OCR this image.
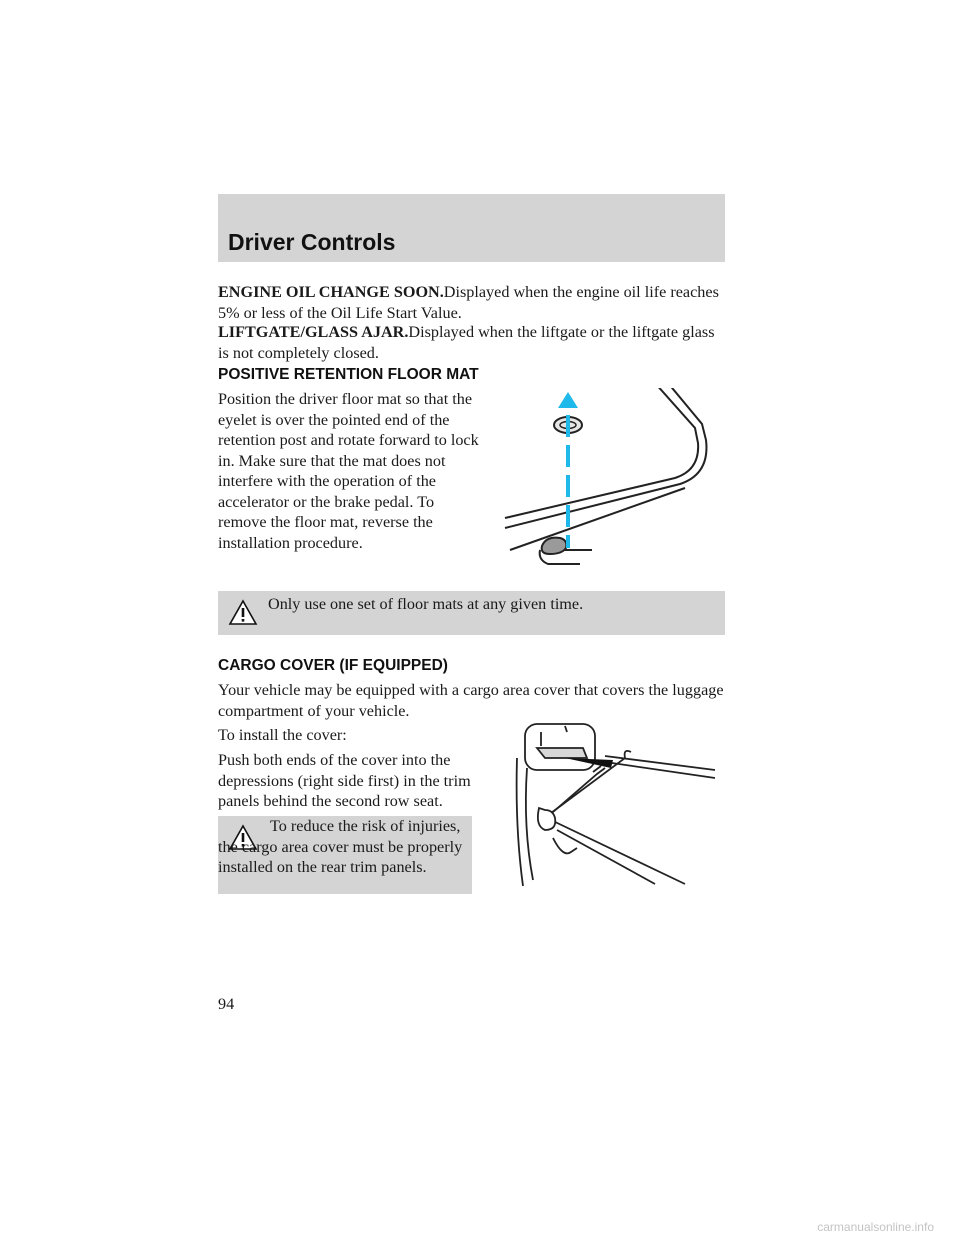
Driver Controls

ENGINE OIL CHANGE SOON.Displayed when the engine oil life reaches 5% or less of the Oil Life Start Value.

LIFTGATE/GLASS AJAR.Displayed when the liftgate or the liftgate glass is not completely closed.

POSITIVE RETENTION FLOOR MAT

Position the driver floor mat so that the eyelet is over the pointed end of the retention post and rotate forward to lock in. Make sure that the mat does not interfere with the operation of the accelerator or the brake pedal. To remove the floor mat, reverse the installation procedure.

Only use one set of floor mats at any given time.

CARGO COVER (IF EQUIPPED)

Your vehicle may be equipped with a cargo area cover that covers the luggage compartment of your vehicle.

To install the cover:

Push both ends of the cover into the depressions (right side first) in the trim panels behind the second row seat.

To reduce the risk of injuries, the cargo area cover must be properly installed on the rear trim panels.

94
carmanualsonline.info
